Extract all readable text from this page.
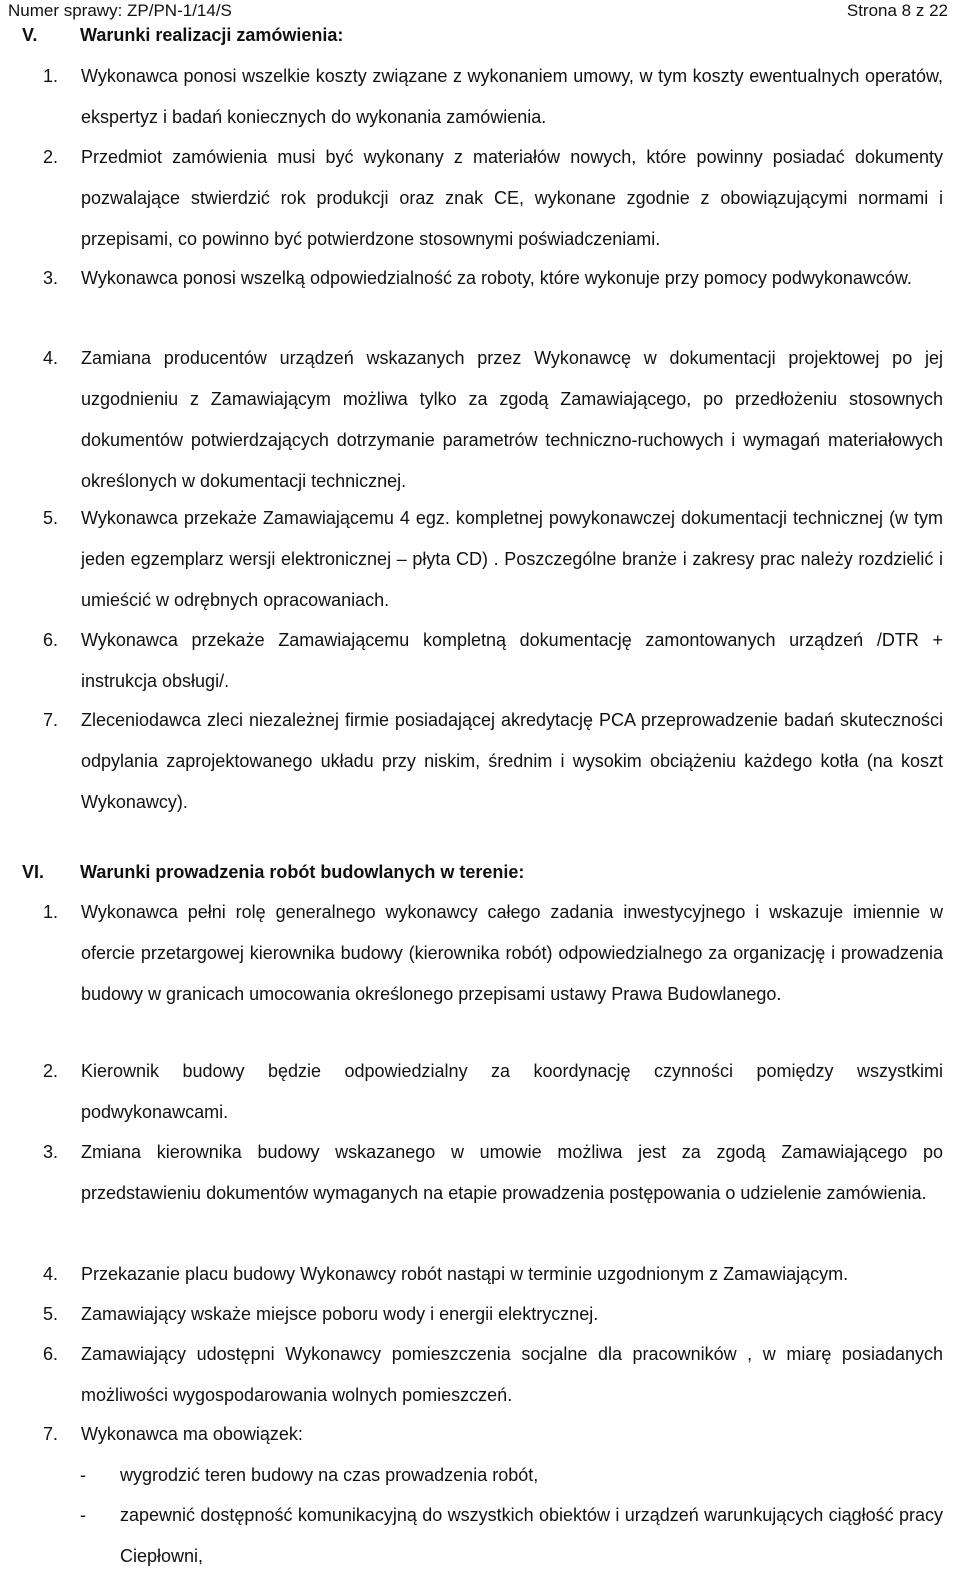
Numer sprawy: ZP/PN-1/14/S	Strona 8 z 22
V. Warunki realizacji zamówienia:
1. Wykonawca ponosi wszelkie koszty związane z wykonaniem umowy, w tym koszty ewentualnych operatów, ekspertyz i badań koniecznych do wykonania zamówienia.
2. Przedmiot zamówienia musi być wykonany z materiałów nowych, które powinny posiadać dokumenty pozwalające stwierdzić rok produkcji oraz znak CE, wykonane zgodnie z obowiązującymi normami i przepisami, co powinno być potwierdzone stosownymi poświadczeniami.
3. Wykonawca ponosi wszelką odpowiedzialność za roboty, które wykonuje przy pomocy podwykonawców.
4. Zamiana producentów urządzeń wskazanych przez Wykonawcę w dokumentacji projektowej po jej uzgodnieniu z Zamawiającym możliwa tylko za zgodą Zamawiającego, po przedłożeniu stosownych dokumentów potwierdzających dotrzymanie parametrów techniczno-ruchowych i wymagań materiałowych określonych w dokumentacji technicznej.
5. Wykonawca przekaże Zamawiającemu 4 egz. kompletnej powykonawczej dokumentacji technicznej (w tym jeden egzemplarz wersji elektronicznej – płyta CD) . Poszczególne branże i zakresy prac należy rozdzielić i umieścić w odrębnych opracowaniach.
6. Wykonawca przekaże Zamawiającemu kompletną dokumentację zamontowanych urządzeń /DTR + instrukcja obsługi/.
7. Zleceniodawca zleci niezależnej firmie posiadającej akredytację PCA przeprowadzenie badań skuteczności odpylania zaprojektowanego układu przy niskim, średnim i wysokim obciążeniu każdego kotła (na koszt Wykonawcy).
VI. Warunki prowadzenia robót budowlanych w terenie:
1. Wykonawca pełni rolę generalnego wykonawcy całego zadania inwestycyjnego i wskazuje imiennie w ofercie przetargowej kierownika budowy (kierownika robót) odpowiedzialnego za organizację i prowadzenia budowy w granicach umocowania określonego przepisami ustawy Prawa Budowlanego.
2. Kierownik budowy będzie odpowiedzialny za koordynację czynności pomiędzy wszystkimi podwykonawcami.
3. Zmiana kierownika budowy wskazanego w umowie możliwa jest za zgodą Zamawiającego po przedstawieniu dokumentów wymaganych na etapie prowadzenia postępowania o udzielenie zamówienia.
4. Przekazanie placu budowy Wykonawcy robót nastąpi w terminie uzgodnionym z Zamawiającym.
5. Zamawiający wskaże miejsce poboru wody i energii elektrycznej.
6. Zamawiający udostępni Wykonawcy pomieszczenia socjalne dla pracowników , w miarę posiadanych możliwości wygospodarowania wolnych pomieszczeń.
7. Wykonawca ma obowiązek:
- wygrodzić teren budowy na czas prowadzenia robót,
- zapewnić dostępność komunikacyjną do wszystkich obiektów i urządzeń warunkujących ciągłość pracy Ciepłowni,
